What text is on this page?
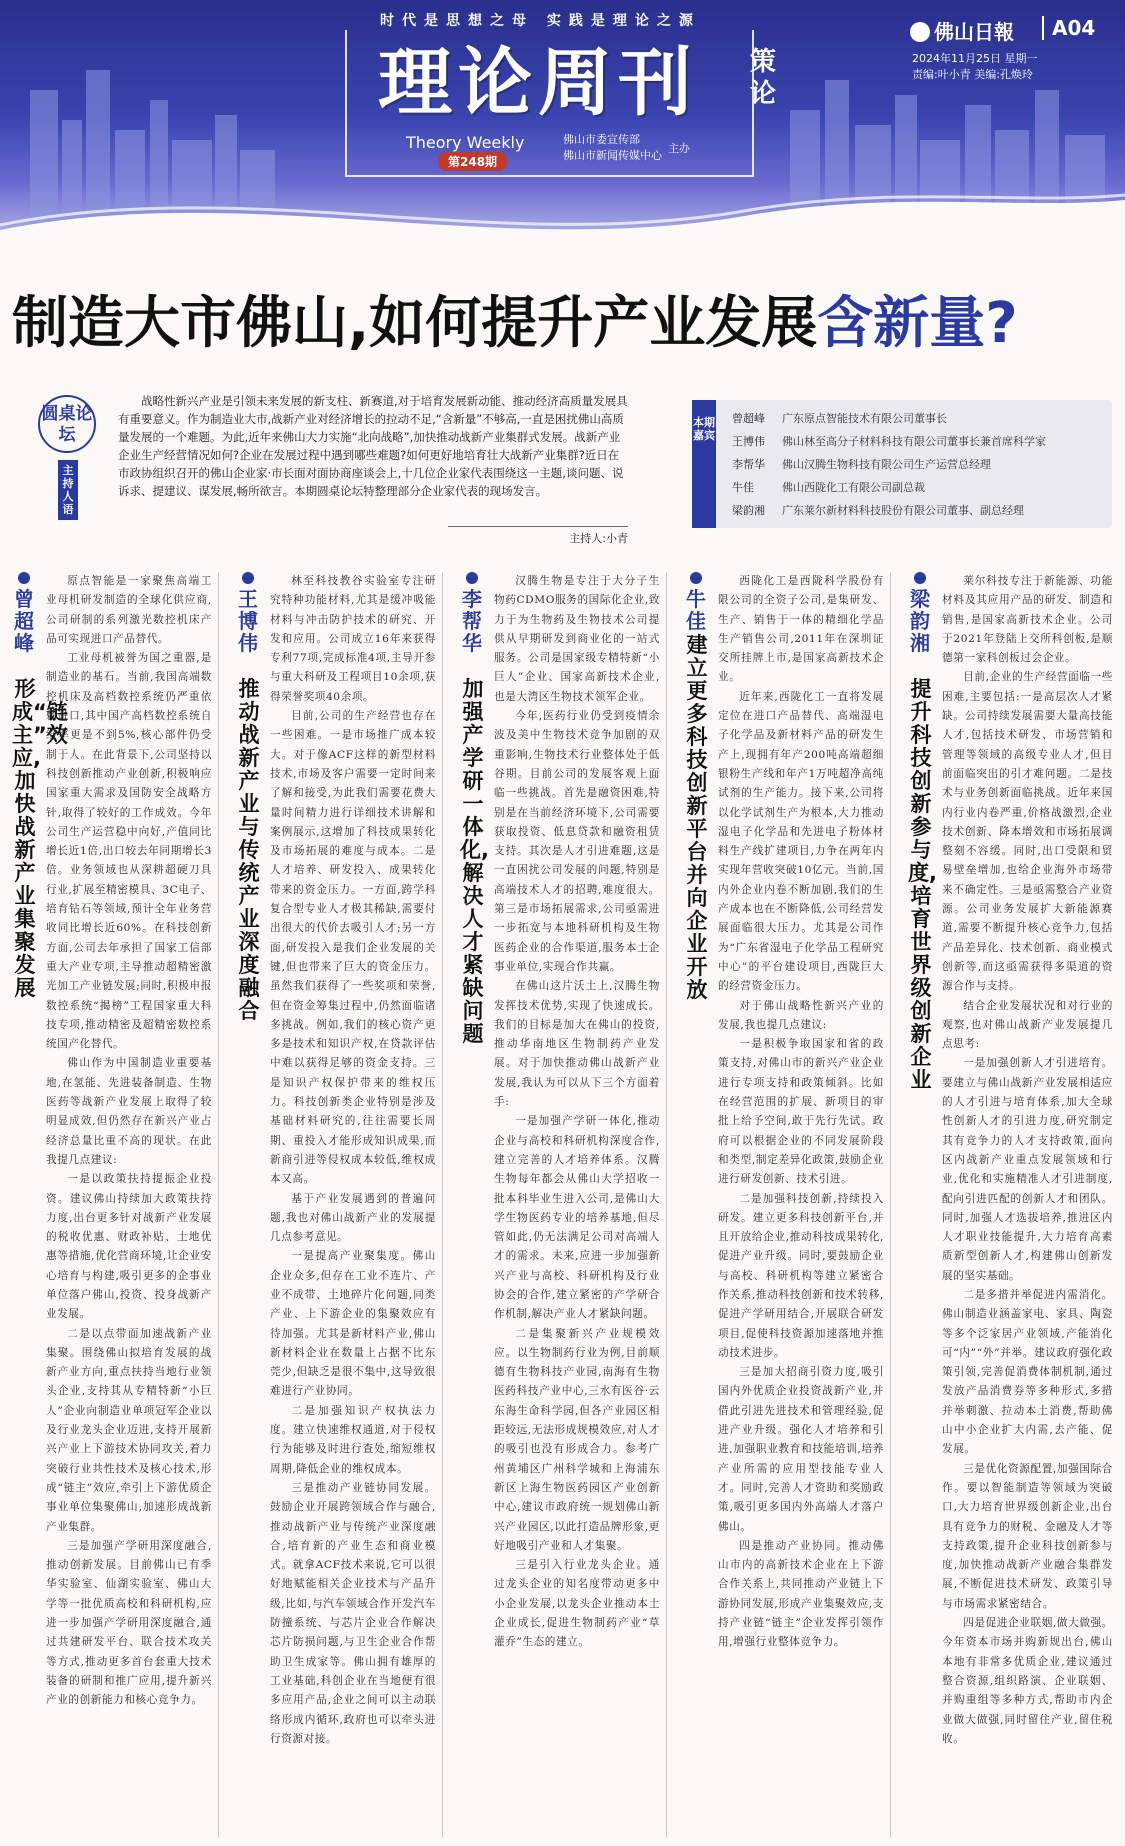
时代是思想之母 实践是理论之源
理论周刊
Theory Weekly
第248期
佛山市委宣传部
佛山市新闻传媒中心
主办
策论
佛山日報	A04
2024年11月25日 星期一
责编:叶小青 美编:孔焕玲
制造大市佛山,如何提升产业发展含新量?
圆桌论坛
主持人语
战略性新兴产业是引领未来发展的新支柱、新赛道,对于培育发展新动能、推动经济高质量发展具有重要意义。作为制造业大市,战新产业对经济增长的拉动不足,“含新量”不够高,一直是困扰佛山高质量发展的一个难题。为此,近年来佛山大力实施“北向战略”,加快推动战新产业集群式发展。战新产业企业生产经营情况如何?企业在发展过程中遇到哪些难题?如何更好地培育壮大战新产业集群?近日在市政协组织召开的佛山企业家·市长面对面协商座谈会上,十几位企业家代表围绕这一主题,谈问题、说诉求、提建议、谋发展,畅所欲言。本期圆桌论坛特整理部分企业家代表的现场发言。
主持人:小青
本期嘉宾
曾超峰 广东原点智能技术有限公司董事长
王博伟 佛山林至高分子材料科技有限公司董事长兼首席科学家
李帮华 佛山汉腾生物科技有限公司生产运营总经理
牛佳	佛山西陇化工有限公司副总裁
梁韵湘 广东莱尔新材料科技股份有限公司董事、副总经理
曾超峰
形成“链主”效应,加快战新产业集聚发展

原点智能是一家聚焦高端工业母机研发制造的全球化供应商,公司研制的系列激光数控机床产品可实现进口产品替代。

工业母机被誉为国之重器,是制造业的基石。当前,我国高端数控机床及高档数控系统仍严重依赖进口,其中国产高档数控系统自给率更是不到5%,核心部件仍受制于人。在此背景下,公司坚持以科技创新推动产业创新,积极响应国家重大需求及国防安全战略方针,取得了较好的工作成效。今年公司生产运营稳中向好,产值同比增长近1倍,出口较去年同期增长3倍。业务领域也从深耕超硬刀具行业,扩展至精密模具、3C电子、培育钻石等领域,预计全年业务营收同比增长近60%。在科技创新方面,公司去年承担了国家工信部重大产业专项,主导推动超精密激光加工产业链发展;同时,积极申报数控系统“揭榜”工程国家重大科技专项,推动精密及超精密数控系统国产化替代。

佛山作为中国制造业重要基地,在氢能、先进装备制造、生物医药等战新产业发展上取得了较明显成效,但仍然存在新兴产业占经济总量比重不高的现状。在此我提几点建议:

一是以政策扶持提振企业投资。建议佛山持续加大政策扶持力度,出台更多针对战新产业发展的税收优惠、财政补贴、土地优惠等措施,优化营商环境,让企业安心培育与构建,吸引更多的企事业单位落户佛山,投资、投身战新产业发展。

二是以点带面加速战新产业集聚。围绕佛山拟培育发展的战新产业方向,重点扶持当地行业领头企业,支持其从专精特新“小巨人”企业向制造业单项冠军企业以及行业龙头企业迈进,支持开展新兴产业上下游技术协同攻关,着力突破行业共性技术及核心技术,形成“链主”效应,牵引上下游优质企事业单位集聚佛山,加速形成战新产业集群。

三是加强产学研用深度融合,推动创新发展。目前佛山已有季华实验室、仙湖实验室、佛山大学等一批优质高校和科研机构,应进一步加强产学研用深度融合,通过共建研发平台、联合技术攻关等方式,推动更多首台套重大技术装备的研制和推广应用,提升新兴产业的创新能力和核心竞争力。

王博伟
推动战新产业与传统产业深度融合

林至科技教谷实验室专注研究特种功能材料,尤其是缓冲吸能材料与冲击防护技术的研究、开发和应用。公司成立16年来获得专利77项,完成标准4项,主导开参与重大科研及工程项目10余项,获得荣誉奖项40余项。

目前,公司的生产经营也存在一些困难。一是市场推广成本较大。对于像ACF这样的新型材料技术,市场及客户需要一定时间来了解和接受,为此我们需要花费大量时间精力进行详细技术讲解和案例展示,这增加了科技成果转化及市场拓展的难度与成本。二是人才培养、研发投入、成果转化带来的资金压力。一方面,跨学科复合型专业人才极其稀缺,需要付出很大的代价去吸引人才;另一方面,研发投入是我们企业发展的关键,但也带来了巨大的资金压力。虽然我们获得了一些奖项和荣誉,但在资金筹集过程中,仍然面临诸多挑战。例如,我们的核心资产更多是技术和知识产权,在贷款评估中难以获得足够的资金支持。三是知识产权保护带来的维权压力。科技创新类企业特别是涉及基础材料研究的,往往需要长周期、重投入才能形成知识成果,而新商引进等侵权成本较低,维权成本又高。

基于产业发展遇到的普遍问题,我也对佛山战新产业的发展提几点参考意见。

一是提高产业聚集度。佛山企业众多,但存在工业不连片、产业不成带、土地碎片化问题,同类产业、上下游企业的集聚效应有待加强。尤其是新材料产业,佛山新材料企业在数量上占据不比东莞少,但缺乏是很不集中,这导致很难进行产业协同。

二是加强知识产权执法力度。建立快速维权通道,对于侵权行为能够及时进行查处,缩短维权周期,降低企业的维权成本。

三是推动产业链协同发展。鼓励企业开展跨领域合作与融合,推动战新产业与传统产业深度融合,培育新的产业生态和商业模式。就拿ACF技术来说,它可以很好地赋能相关企业技术与产品升级,比如,与汽车领域合作开发汽车防撞系统、与芯片企业合作解决芯片防损问题,与卫生企业合作帮助卫生成家等。佛山拥有雄厚的工业基础,科创企业在当地便有很多应用产品,企业之间可以主动联络形成内循环,政府也可以牵头进行资源对接。

李帮华
加强产学研一体化,解决人才紧缺问题

汉腾生物是专注于大分子生物药CDMO服务的国际化企业,致力于为生物药及生物技术公司提供从早期研发到商业化的一站式服务。公司是国家级专精特新“小巨人”企业、国家高新技术企业,也是大湾区生物技术领军企业。

今年,医药行业仍受到疫情余波及美中生物技术竞争加剧的双重影响,生物技术行业整体处于低谷期。目前公司的发展客观上面临一些挑战。首先是融资困难,特别是在当前经济环境下,公司需要获取投资、低息贷款和融资租赁支持。其次是人才引进难题,这是一直困扰公司发展的问题,特别是高端技术人才的招聘,难度很大。第三是市场拓展需求,公司亟需进一步拓宽与本地科研机构及生物医药企业的合作渠道,服务本土企事业单位,实现合作共赢。

在佛山这片沃土上,汉腾生物发挥技术优势,实现了快速成长。我们的目标是加大在佛山的投资,推动华南地区生物制药产业发展。对于加快推动佛山战新产业发展,我认为可以从下三个方面着手:

一是加强产学研一体化,推动企业与高校和科研机构深度合作,建立完善的人才培养体系。汉腾生物每年都会从佛山大学招收一批本科毕业生进入公司,是佛山大学生物医药专业的培养基地,但尽管如此,仍无法满足公司对高端人才的需求。未来,应进一步加强新兴产业与高校、科研机构及行业协会的合作,建立紧密的产学研合作机制,解决产业人才紧缺问题。

二是集聚新兴产业规模效应。以生物制药行业为例,目前顺德有生物科技产业园,南海有生物医药科技产业中心,三水有医谷·云东海生命科学园,但各产业园区相距较远,无法形成规模效应,对人才的吸引也没有形成合力。参考广州黄埔区广州科学城和上海浦东新区上海生物医药园区产业创新中心,建议市政府统一规划佛山新兴产业园区,以此打造品牌形象,更好地吸引产业和人才集聚。

三是引入行业龙头企业。通过龙头企业的知名度带动更多中小企业发展,以龙头企业推动本土企业成长,促进生物制药产业“草灌乔”生态的建立。

牛佳
建立更多科技创新平台并向企业开放

西陇化工是西陇科学股份有限公司的全资子公司,是集研发、生产、销售于一体的精细化学品生产销售公司,2011年在深圳证交所挂牌上市,是国家高新技术企业。

近年来,西陇化工一直将发展定位在进口产品替代、高端湿电子化学品及新材料产品的研发生产上,现拥有年产200吨高端超细银粉生产线和年产1万吨超净高纯试剂的生产能力。接下来,公司将以化学试剂生产为根本,大力推动湿电子化学品和先进电子粉体材料生产线扩建项目,力争在两年内实现年营收突破10亿元。当前,国内外企业内卷不断加剧,我们的生产成本也在不断降低,公司经营发展面临很大压力。尤其是公司作为“广东省湿电子化学品工程研究中心”的平台建设项目,西陇巨大的经营资金压力。

对于佛山战略性新兴产业的发展,我也提几点建议:

一是积极争取国家和省的政策支持,对佛山市的新兴产业企业进行专项支持和政策倾斜。比如在经营范围的扩展、新项目的审批上给予空间,敢于先行先试。政府可以根据企业的不同发展阶段和类型,制定差异化政策,鼓励企业进行研发创新、技术引进。

二是加强科技创新,持续投入研发。建立更多科技创新平台,并且开放给企业,推动科技成果转化,促进产业升级。同时,要鼓励企业与高校、科研机构等建立紧密合作关系,推动科技创新和技术转移,促进产学研用结合,开展联合研发项目,促使科技资源加速落地并推动技术进步。

三是加大招商引资力度,吸引国内外优质企业投资战新产业,并借此引进先进技术和管理经验,促进产业升级。强化人才培养和引进,加强职业教育和技能培训,培养产业所需的应用型技能专业人才。同时,完善人才资助和奖励政策,吸引更多国内外高端人才落户佛山。

四是推动产业协同。推动佛山市内的高新技术企业在上下游合作关系上,共同推动产业链上下游协同发展,形成产业集聚效应,支持产业链“链主”企业发挥引领作用,增强行业整体竞争力。

梁韵湘
提升科技创新参与度,培育世界级创新企业

莱尔科技专注于新能源、功能材料及其应用产品的研发、制造和销售,是国家高新技术企业。公司于2021年登陆上交所科创板,是顺德第一家科创板过会企业。

目前,企业的生产经营面临一些困难,主要包括:一是高层次人才紧缺。公司持续发展需要大量高技能人才,包括技术研发、市场营销和管理等领域的高级专业人才,但目前面临突出的引才难问题。二是技术与业务创新面临挑战。近年来国内行业内卷严重,价格战激烈,企业技术创新、降本增效和市场拓展调整刻不容缓。同时,出口受限和贸易壁垒增加,也给企业海外市场带来不确定性。三是亟需整合产业资源。公司业务发展扩大新能源赛道,需要不断提升核心竞争力,包括产品差异化、技术创新、商业模式创新等,而这亟需获得多渠道的资源合作与支持。

结合企业发展状况和对行业的观察,也对佛山战新产业发展提几点思考:

一是加强创新人才引进培育。要建立与佛山战新产业发展相适应的人才引进与培育体系,加大全球性创新人才的引进力度,研究制定其有竞争力的人才支持政策,面向区内战新产业重点发展领域和行业,优化和实施精准人才引进制度,配向引进匹配的创新人才和团队。同时,加强人才选拔培养,推进区内人才职业技能提升,大力培育高素质新型创新人才,构建佛山创新发展的坚实基础。

二是多措并举促进内需消化。佛山制造业涵盖家电、家具、陶瓷等多个泛家居产业领域,产能消化可“内”“外”并举。建议政府强化政策引领,完善促消费体制机制,通过发放产品消费券等多种形式,多措并举刺激、拉动本土消费,帮助佛山中小企业扩大内需,去产能、促发展。

三是优化资源配置,加强国际合作。要以智能制造等领域为突破口,大力培育世界级创新企业,出台具有竞争力的财税、金融及人才等支持政策,提升企业科技创新参与度,加快推动战新产业融合集群发展,不断促进技术研发、政策引导与市场需求紧密结合。

四是促进企业联姻,做大做强。今年资本市场并购新规出台,佛山本地有非常多优质企业,建议通过整合资源,组织路演、企业联姻、并购重组等多种方式,帮助市内企业做大做强,同时留住产业,留住税收。
